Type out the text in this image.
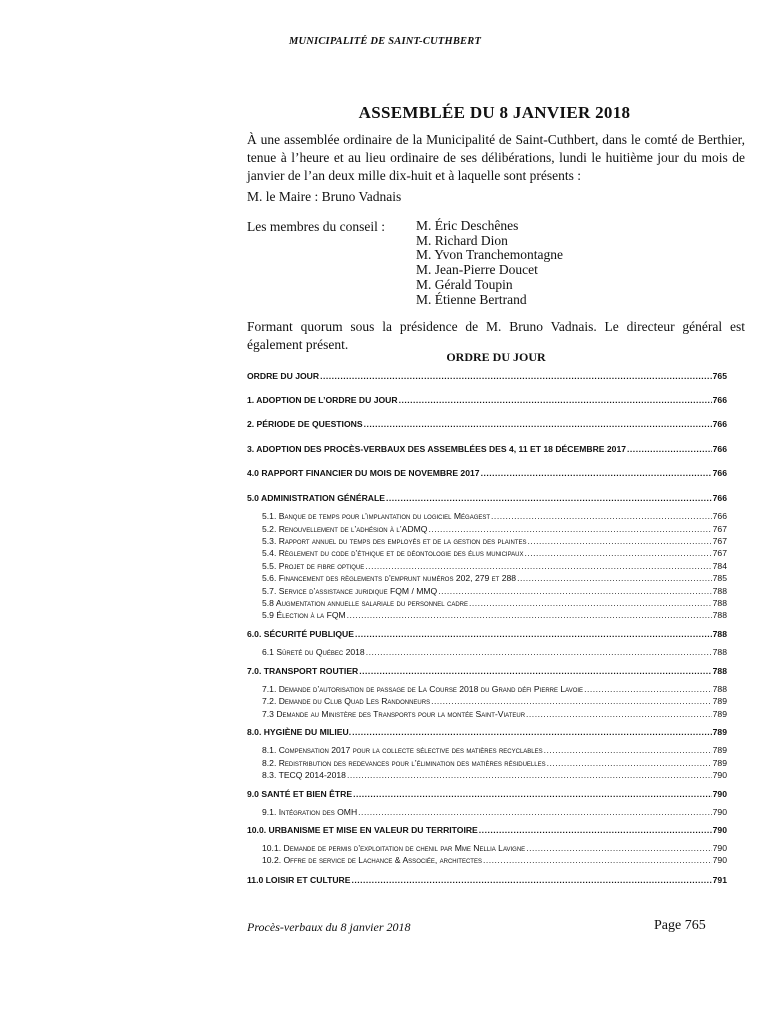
MUNICIPALITÉ DE SAINT-CUTHBERT
ASSEMBLÉE DU 8 JANVIER 2018
À une assemblée ordinaire de la Municipalité de Saint-Cuthbert, dans le comté de Berthier, tenue à l’heure et au lieu ordinaire de ses délibérations, lundi le huitième jour du mois de janvier de l’an deux mille dix-huit et à laquelle sont présents :
M. le Maire : Bruno Vadnais
Les membres du conseil : M. Éric Deschênes
M. Richard Dion
M. Yvon Tranchemontagne
M. Jean-Pierre Doucet
M. Gérald Toupin
M. Étienne Bertrand
Formant quorum sous la présidence de M. Bruno Vadnais. Le directeur général est également présent.
ORDRE DU JOUR
ORDRE DU JOUR .....	765
1. ADOPTION DE L’ORDRE DU JOUR .....	766
2. PÉRIODE DE QUESTIONS .....	766
3. ADOPTION DES PROCÈS-VERBAUX DES ASSEMBLÉES DES 4, 11 ET 18 DÉCEMBRE 2017 .....	766
4.0 RAPPORT FINANCIER DU MOIS DE NOVEMBRE 2017 .....	766
5.0 ADMINISTRATION GÉNÉRALE .....	766
5.1. Banque de temps pour l’implantation du logiciel Mégagest .....	766
5.2. Renouvellement de l’adhésion à l’ADMQ .....	767
5.3. Rapport annuel du temps des employés et de la gestion des plaintes .....	767
5.4. Règlement du code d’éthique et de déontologie des élus municipaux .....	767
5.5. Projet de fibre optique .....	784
5.6. Financement des règlements d’emprunt numéros 202, 279 et 288 .....	785
5.7. Service d’assistance juridique FQM / MMQ .....	788
5.8 Augmentation annuelle salariale du personnel cadre .....	788
5.9 Élection à la FQM .....	788
6.0. SÉCURITÉ PUBLIQUE .....	788
6.1 Sûreté du Québec 2018 .....	788
7.0. TRANSPORT ROUTIER .....	788
7.1. Demande d’autorisation de passage de La Course 2018 du Grand défi Pierre Lavoie .....	788
7.2. Demande du Club Quad Les Randonneurs .....	789
7.3 Demande au Ministère des Transports pour la montée Saint-Viateur .....	789
8.0. HYGIÈNE DU MILIEU. .....	789
8.1. Compensation 2017 pour la collecte sélective des matières recyclables .....	789
8.2. Redistribution des redevances pour l’élimination des matières résiduelles .....	789
8.3. TECQ 2014-2018 .....	790
9.0 SANTÉ ET BIEN ÊTRE .....	790
9.1. Intégration des OMH .....	790
10.0. URBANISME ET MISE EN VALEUR DU TERRITOIRE .....	790
10.1. Demande de permis d’exploitation de chenil par Mme Nellia Lavigne .....	790
10.2. Offre de service de Lachance & Associée, architectes .....	790
11.0 LOISIR ET CULTURE .....	791
Procès-verbaux du 8 janvier 2018	Page 765
